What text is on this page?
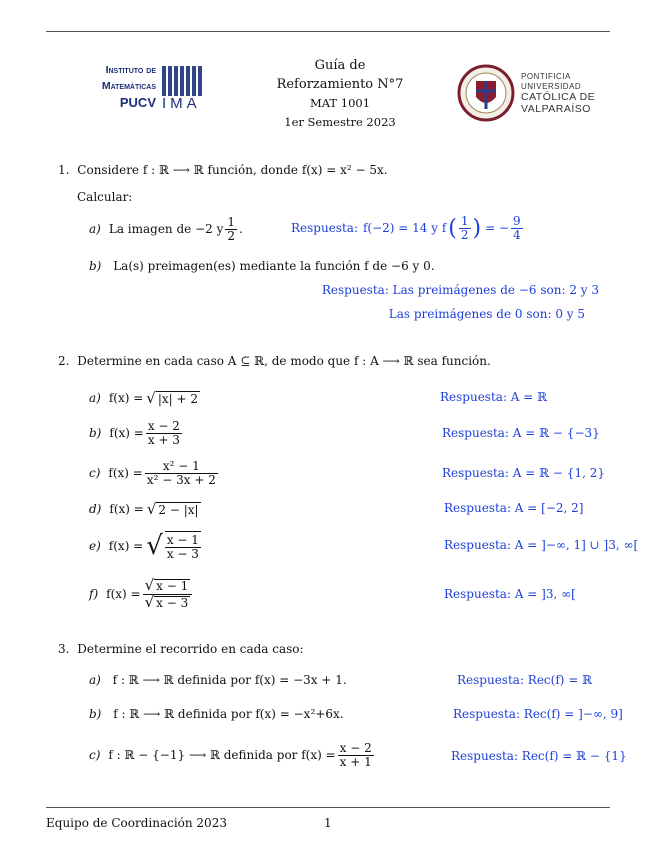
Instituto de
Matemáticas
PUCV IMA
Guía de
Reforzamiento N°7
MAT 1001
1er Semestre 2023
PONTIFICIA
UNIVERSIDAD
CATÓLICA DE
VALPARAÍSO
1. Considere f : ℝ ⟶ ℝ función, donde f(x) = x² − 5x.
Calcular:
a) La imagen de −2 y $\frac{1}{2}$ .	Respuesta: f(−2) = 14 y f ( $\frac{1}{2}$ ) = − $\frac{9}{4}$
b) La(s) preimagen(es) mediante la función f de −6 y 0.
Respuesta: Las preimágenes de −6 son: 2 y 3
Las preimágenes de 0 son: 0 y 5
2. Determine en cada caso A ⊆ ℝ, de modo que f : A ⟶ ℝ sea función.
a) f(x) = √ |x| + 2	Respuesta: A = ℝ
b) $f(x) = \frac{x - 2}{x + 3}$	Respuesta: A = ℝ − {−3}
c) $f(x) = \frac{\text{x² − 1}}{\text{x² − 3x + 2}}$	Respuesta: A = ℝ − {1, 2}
d) f(x) = √ 2 − |x|	Respuesta: A = [−2, 2]
e) f(x) = √ $\frac{x - 1}{x - 3}$	Respuesta: A = ]−∞, 1] ∪ ]3, ∞[
f) $f(x) = \frac{√ x - 1}{√ x - 3}$	Respuesta: A = ]3, ∞[
3. Determine el recorrido en cada caso:
a) f : ℝ ⟶ ℝ definida por f(x) = −3x + 1.	Respuesta: Rec(f) = ℝ
b) f : ℝ ⟶ ℝ definida por f(x) = −x²+6x.	Respuesta: Rec(f) = ]−∞, 9]
c) f : ℝ − {−1} ⟶ ℝ definida por $f(x) = \frac{x - 2}{x + 1}$	Respuesta: Rec(f) = ℝ − {1}
Equipo de Coordinación 2023	1
